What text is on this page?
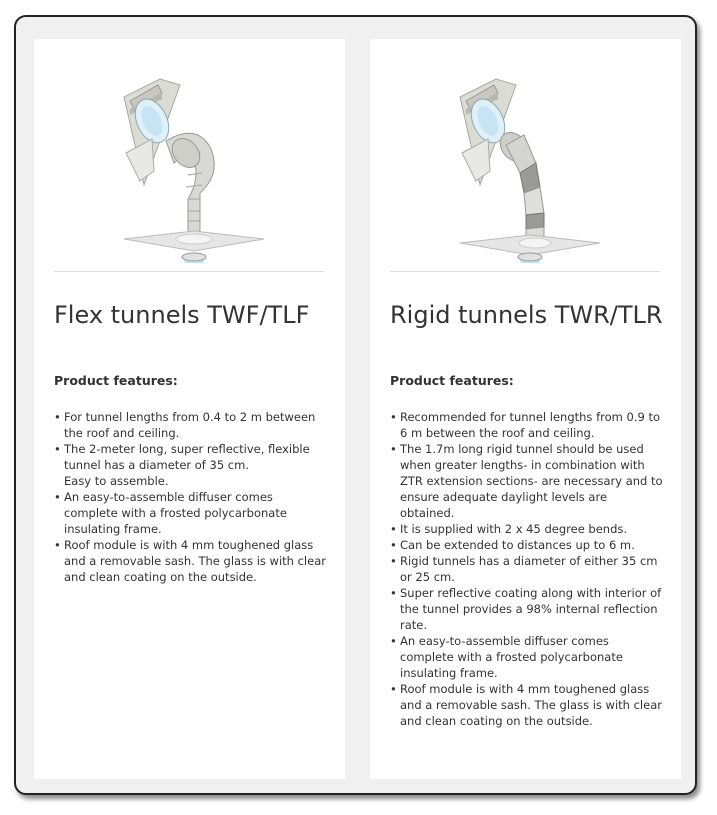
Flex tunnels TWF/TLF
Product features:
• For tunnel lengths from 0.4 to 2 m between the roof and ceiling.
• The 2-meter long, super reflective, flexible tunnel has a diameter of 35 cm.
Easy to assemble.
• An easy-to-assemble diffuser comes complete with a frosted polycarbonate insulating frame.
• Roof module is with 4 mm toughened glass and a removable sash. The glass is with clear and clean coating on the outside.
Rigid tunnels TWR/TLR
Product features:
• Recommended for tunnel lengths from 0.9 to 6 m between the roof and ceiling.
• The 1.7m long rigid tunnel should be used when greater lengths- in combination with ZTR extension sections- are necessary and to ensure adequate daylight levels are obtained.
• It is supplied with 2 x 45 degree bends.
• Can be extended to distances up to 6 m.
• Rigid tunnels has a diameter of either 35 cm or 25 cm.
• Super reflective coating along with interior of the tunnel provides a 98% internal reflection rate.
• An easy-to-assemble diffuser comes complete with a frosted polycarbonate insulating frame.
• Roof module is with 4 mm toughened glass and a removable sash. The glass is with clear and clean coating on the outside.
